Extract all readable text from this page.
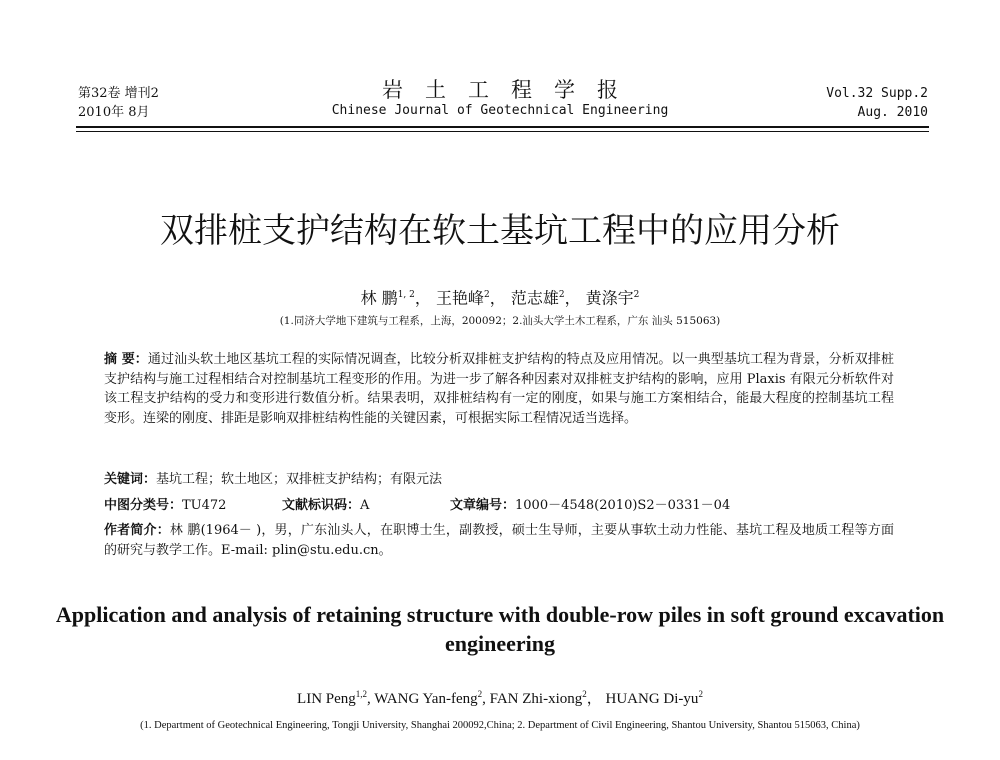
第32卷 增刊2
2010年 8月
岩土工程学报
Chinese Journal of Geotechnical Engineering
Vol.32 Supp.2
Aug. 2010
双排桩支护结构在软土基坑工程中的应用分析
林 鹏$^{1, 2}$， 王艳峰$^2$， 范志雄$^2$， 黄涤宇$^2$
(1.同济大学地下建筑与工程系，上海，200092；2.汕头大学土木工程系，广东 汕头 515063)
摘 要：通过汕头软土地区基坑工程的实际情况调查，比较分析双排桩支护结构的特点及应用情况。以一典型基坑工程为背景，分析双排桩支护结构与施工过程相结合对控制基坑工程变形的作用。为进一步了解各种因素对双排桩支护结构的影响，应用 Plaxis 有限元分析软件对该工程支护结构的受力和变形进行数值分析。结果表明，双排桩结构有一定的刚度，如果与施工方案相结合，能最大程度的控制基坑工程变形。连梁的刚度、排距是影响双排桩结构性能的关键因素，可根据实际工程情况适当选择。
关键词：基坑工程；软土地区；双排桩支护结构；有限元法
中图分类号：TU472	文献标识码：A	文章编号：1000－4548(2010)S2－0331－04
作者简介：林 鹏(1964－ )，男，广东汕头人，在职博士生，副教授，硕士生导师，主要从事软土动力性能、基坑工程及地质工程等方面的研究与教学工作。E-mail: plin@stu.edu.cn。
Application and analysis of retaining structure with double-row piles in soft ground excavation engineering
LIN Peng$^{1,2}$, WANG Yan-feng$^2$, FAN Zhi-xiong$^2$， HUANG $Di-yu^2$
(1. Department of Geotechnical Engineering, Tongji University, Shanghai 200092,China; 2. Department of Civil Engineering, Shantou University, Shantou 515063, China)
